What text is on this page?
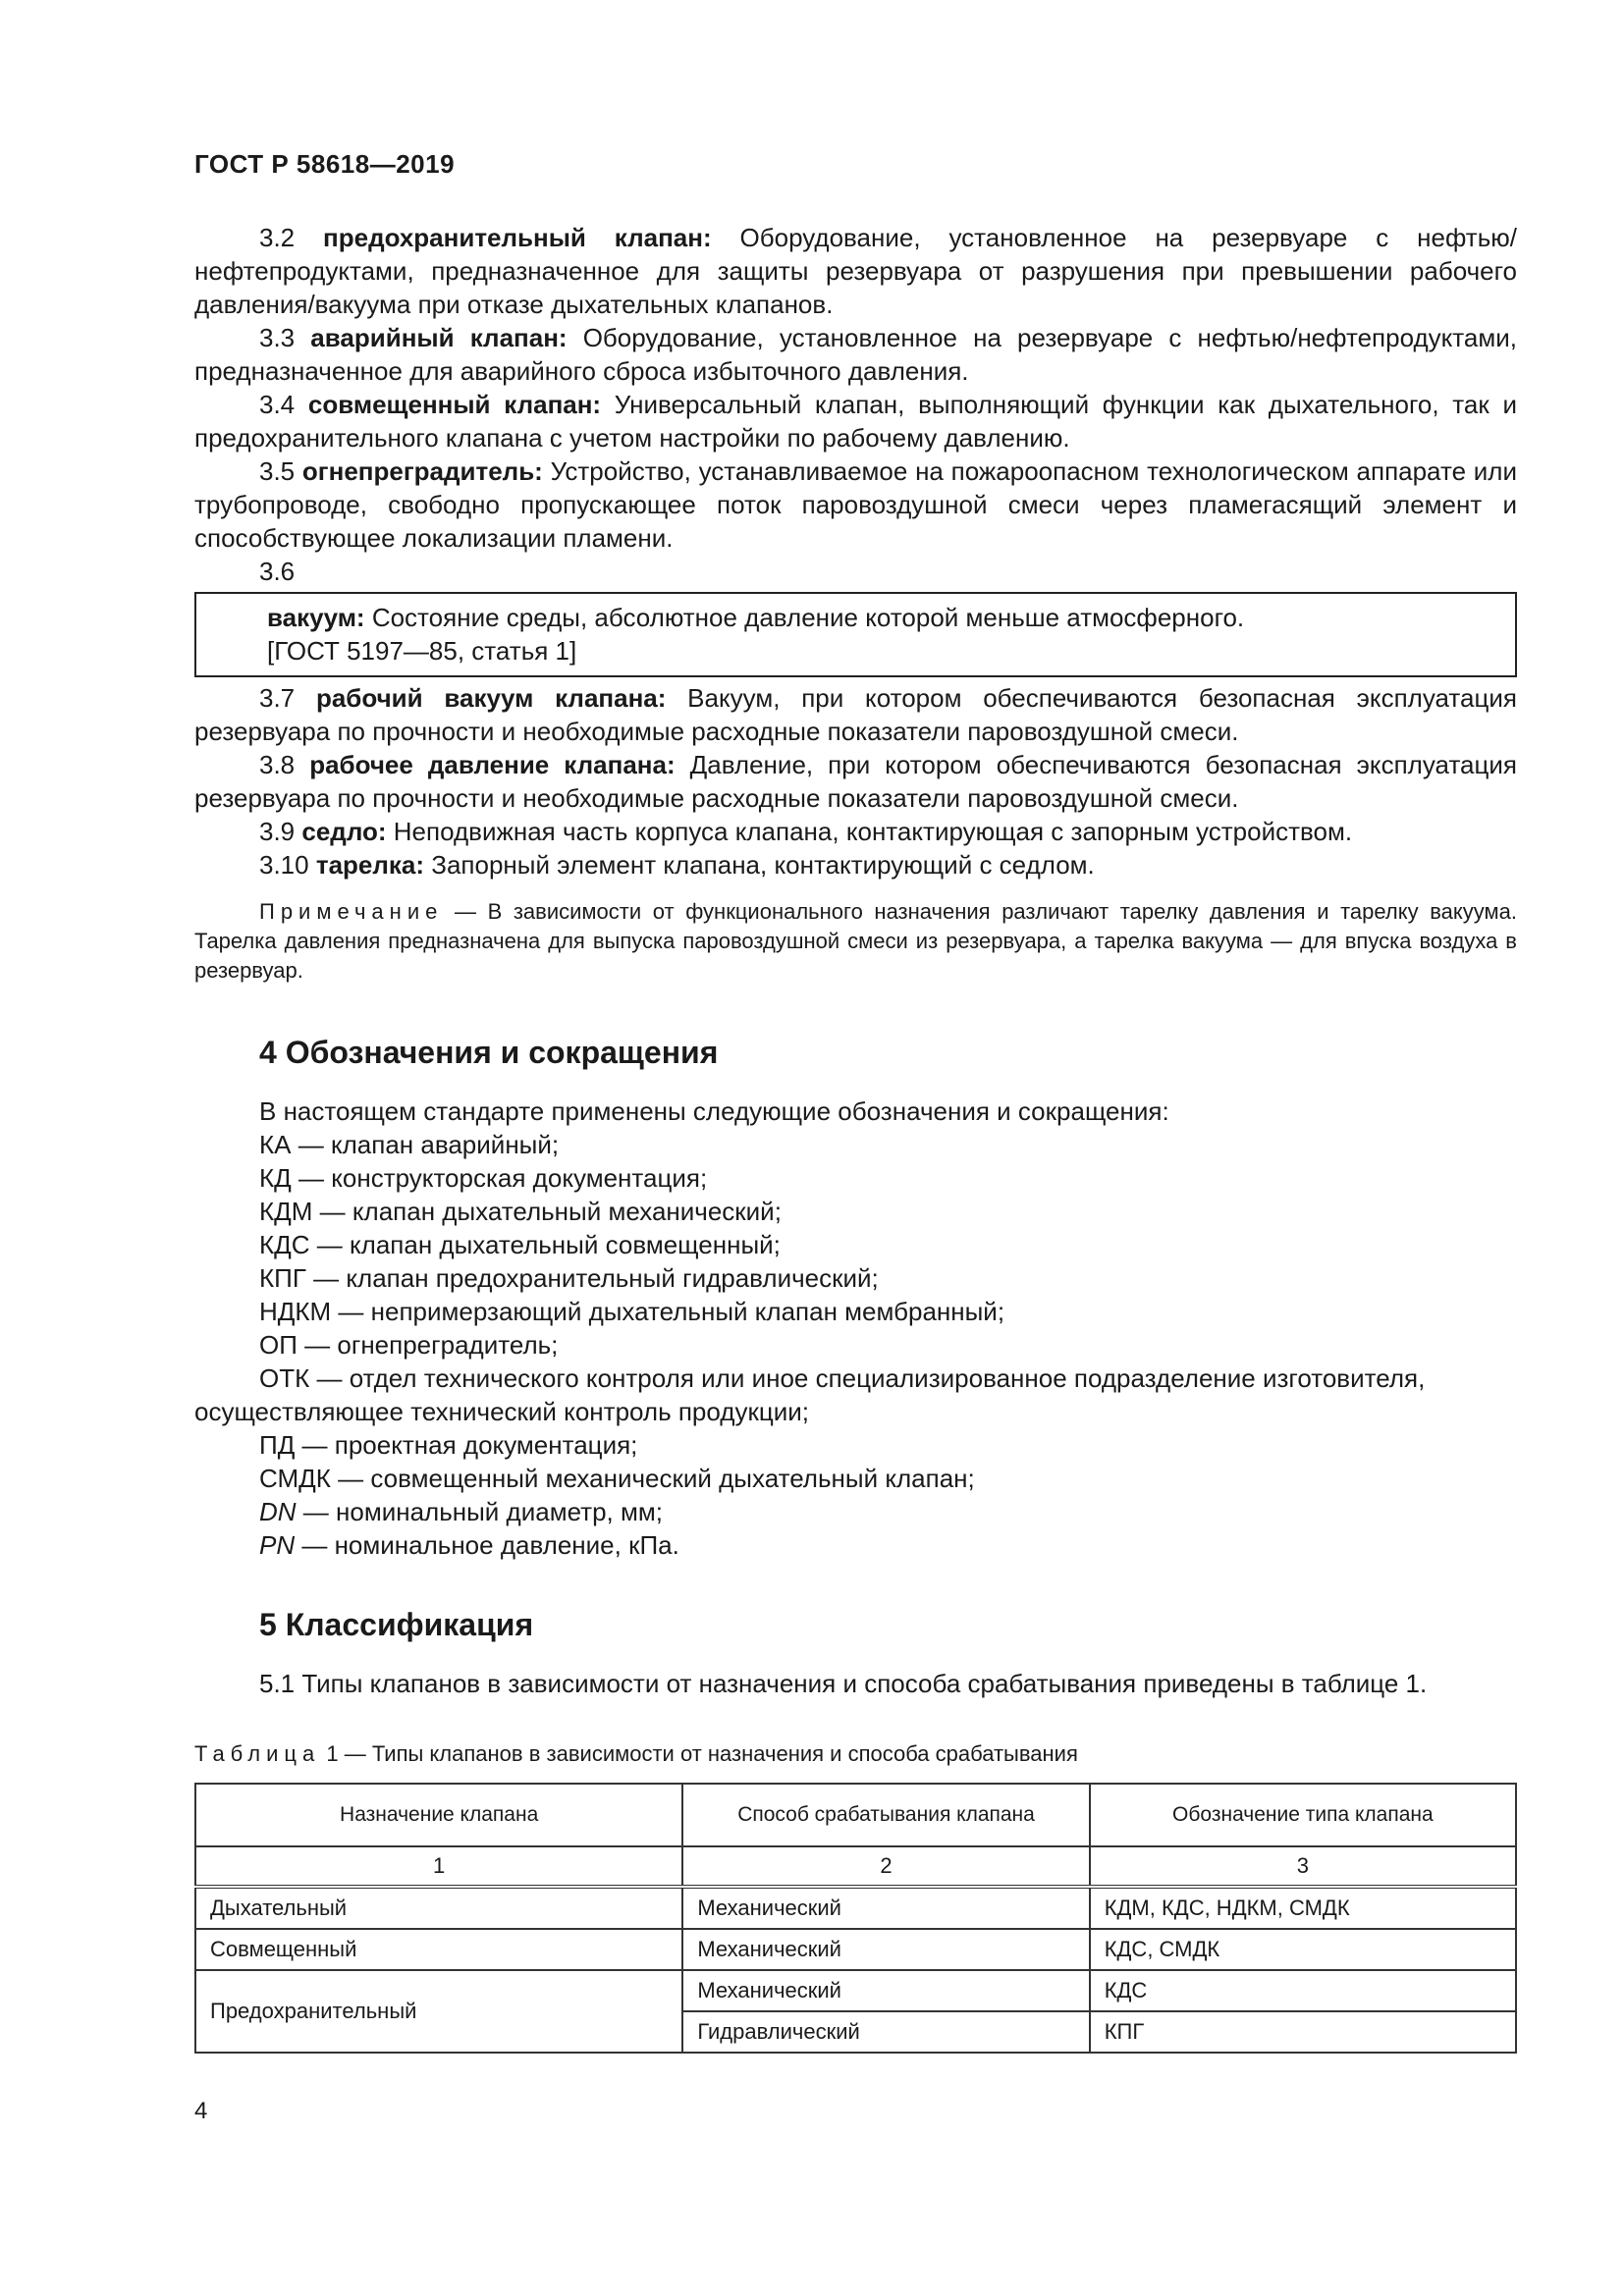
ГОСТ Р 58618—2019

3.2 предохранительный клапан: Оборудование, установленное на резервуаре с нефтью/нефтепродуктами, предназначенное для защиты резервуара от разрушения при превышении рабочего давления/вакуума при отказе дыхательных клапанов.

3.3 аварийный клапан: Оборудование, установленное на резервуаре с нефтью/нефтепродуктами, предназначенное для аварийного сброса избыточного давления.

3.4 совмещенный клапан: Универсальный клапан, выполняющий функции как дыхательного, так и предохранительного клапана с учетом настройки по рабочему давлению.

3.5 огнепреградитель: Устройство, устанавливаемое на пожароопасном технологическом аппарате или трубопроводе, свободно пропускающее поток паровоздушной смеси через пламегасящий элемент и способствующее локализации пламени.

3.6

вакуум: Состояние среды, абсолютное давление которой меньше атмосферного.
[ГОСТ 5197—85, статья 1]

3.7 рабочий вакуум клапана: Вакуум, при котором обеспечиваются безопасная эксплуатация резервуара по прочности и необходимые расходные показатели паровоздушной смеси.

3.8 рабочее давление клапана: Давление, при котором обеспечиваются безопасная эксплуатация резервуара по прочности и необходимые расходные показатели паровоздушной смеси.

3.9 седло: Неподвижная часть корпуса клапана, контактирующая с запорным устройством.

3.10 тарелка: Запорный элемент клапана, контактирующий с седлом.

Примечание — В зависимости от функционального назначения различают тарелку давления и тарелку вакуума. Тарелка давления предназначена для выпуска паровоздушной смеси из резервуара, а тарелка вакуума — для впуска воздуха в резервуар.

4 Обозначения и сокращения
В настоящем стандарте применены следующие обозначения и сокращения:
КА — клапан аварийный;
КД — конструкторская документация;
КДМ — клапан дыхательный механический;
КДС — клапан дыхательный совмещенный;
КПГ — клапан предохранительный гидравлический;
НДКМ — непримерзающий дыхательный клапан мембранный;
ОП — огнепреградитель;
ОТК — отдел технического контроля или иное специализированное подразделение изготовителя,
осуществляющее технический контроль продукции;
ПД — проектная документация;
СМДК — совмещенный механический дыхательный клапан;
DN — номинальный диаметр, мм;
PN — номинальное давление, кПа.
5 Классификация
5.1 Типы клапанов в зависимости от назначения и способа срабатывания приведены в таблице 1.
Таблица 1 — Типы клапанов в зависимости от назначения и способа срабатывания
Назначение клапана	Способ срабатывания клапана	Обозначение типа клапана
1	2	3
Дыхательный	Механический	КДМ, КДС, НДКМ, СМДК
Совмещенный	Механический	КДС, СМДК
Предохранительный	Механический	КДС
	Гидравлический	КПГ
4
